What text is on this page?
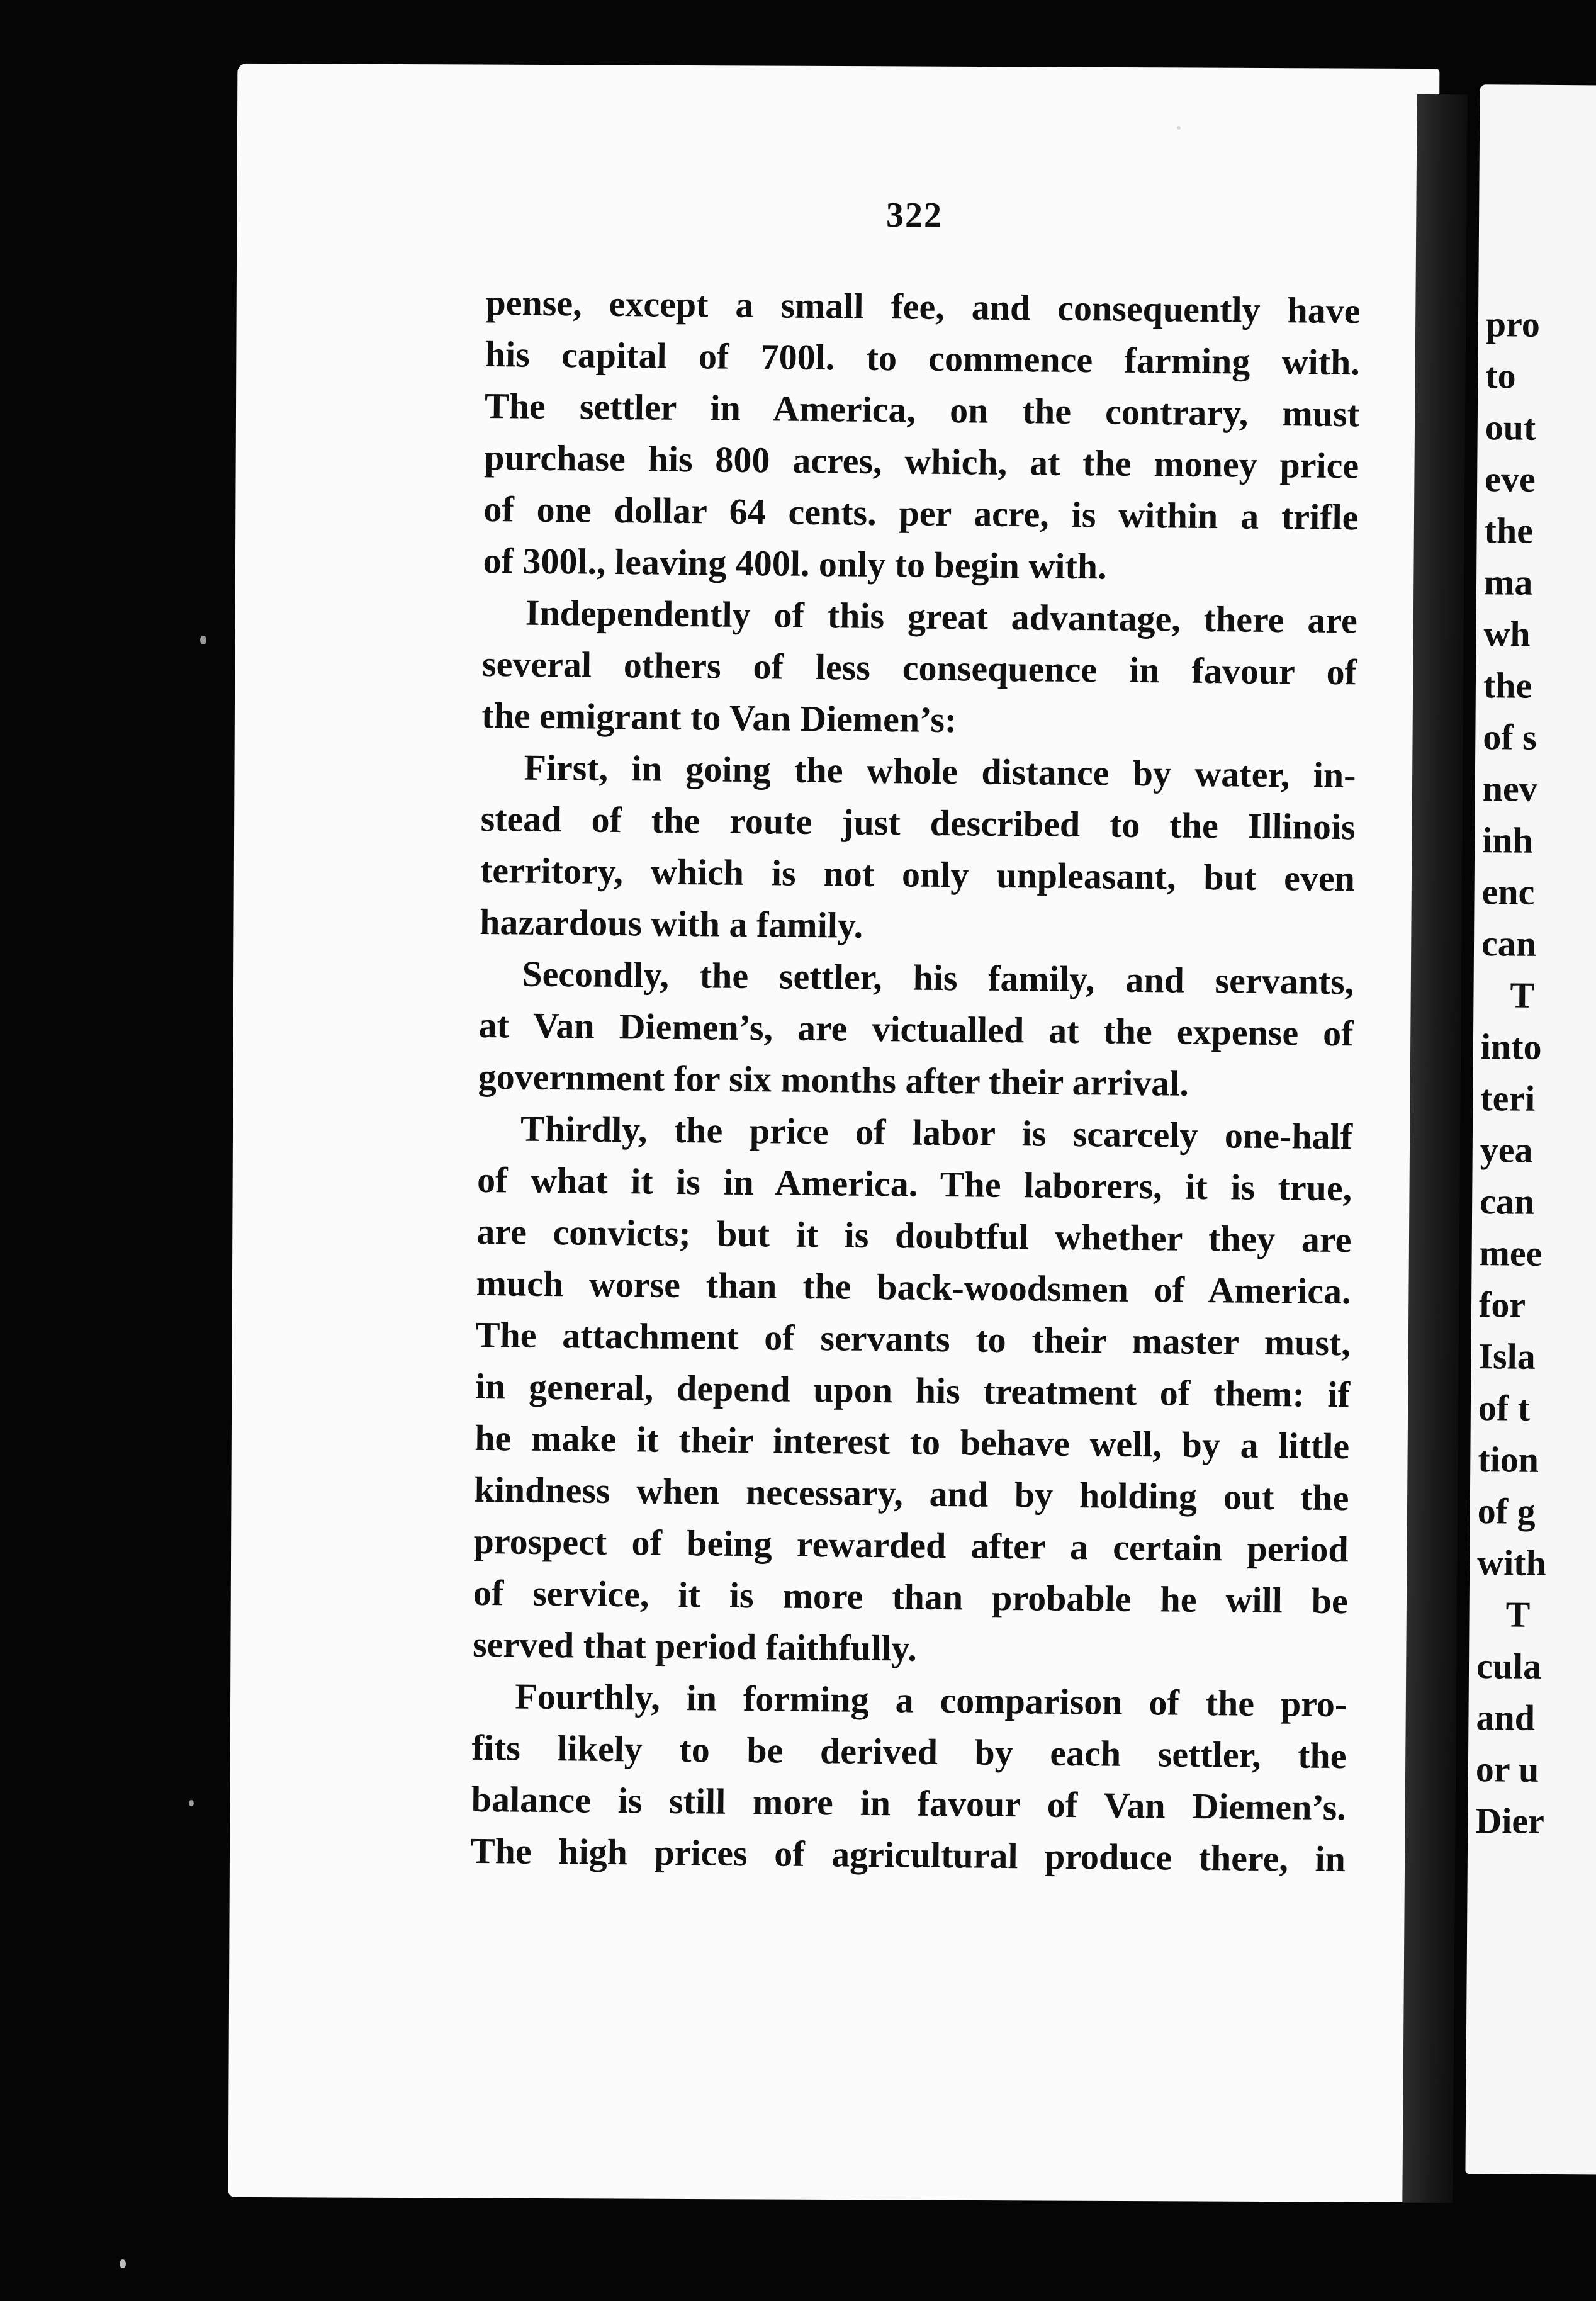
pro
to
out
eve
the
ma
wh
the
of s
nev
inh
enc
can
T
into
teri
yea
can
mee
for
Isla
of t
tion
of g
with
T
cula
and
or u
Dier
322
pense, except a small fee, and consequently have
his capital of 700l. to commence farming with.
The settler in America, on the contrary, must
purchase his 800 acres, which, at the money price
of one dollar 64 cents. per acre, is within a trifle
of 300l., leaving 400l. only to begin with.
Independently of this great advantage, there are
several others of less consequence in favour of
the emigrant to Van Diemen’s:
First, in going the whole distance by water, in-
stead of the route just described to the Illinois
territory, which is not only unpleasant, but even
hazardous with a family.
Secondly, the settler, his family, and servants,
at Van Diemen’s, are victualled at the expense of
government for six months after their arrival.
Thirdly, the price of labor is scarcely one-half
of what it is in America. The laborers, it is true,
are convicts; but it is doubtful whether they are
much worse than the back-woodsmen of America.
The attachment of servants to their master must,
in general, depend upon his treatment of them: if
he make it their interest to behave well, by a little
kindness when necessary, and by holding out the
prospect of being rewarded after a certain period
of service, it is more than probable he will be
served that period faithfully.
Fourthly, in forming a comparison of the pro-
fits likely to be derived by each settler, the
balance is still more in favour of Van Diemen’s.
The high prices of agricultural produce there, in
